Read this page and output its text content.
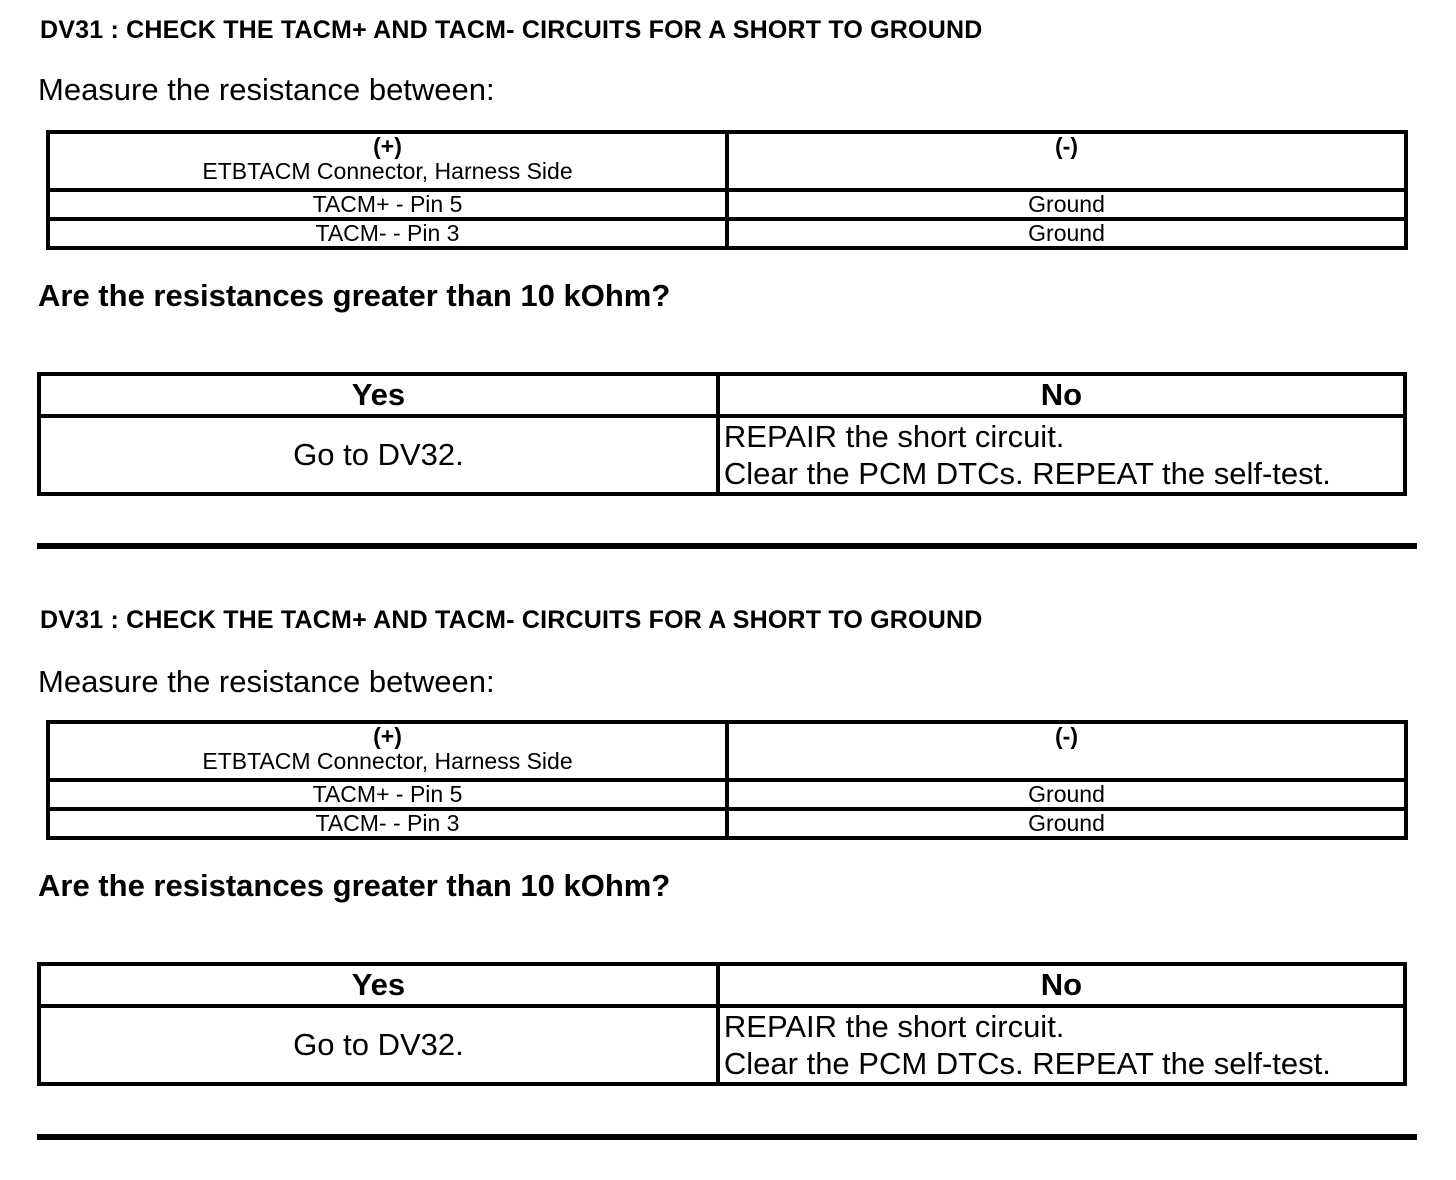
DV31 : CHECK THE TACM+ AND TACM- CIRCUITS FOR A SHORT TO GROUND
Measure the resistance between:
(+)
ETBTACM Connector, Harness Side	(-)

TACM+ - Pin 5	Ground
TACM- - Pin 3	Ground
Are the resistances greater than 10 kOhm?
Yes	No
Go to DV32.	REPAIR the short circuit.
Clear the PCM DTCs. REPEAT the self-test.
DV31 : CHECK THE TACM+ AND TACM- CIRCUITS FOR A SHORT TO GROUND
Measure the resistance between:
(+)
ETBTACM Connector, Harness Side	(-)

TACM+ - Pin 5	Ground
TACM- - Pin 3	Ground
Are the resistances greater than 10 kOhm?
Yes	No
Go to DV32.	REPAIR the short circuit.
Clear the PCM DTCs. REPEAT the self-test.
